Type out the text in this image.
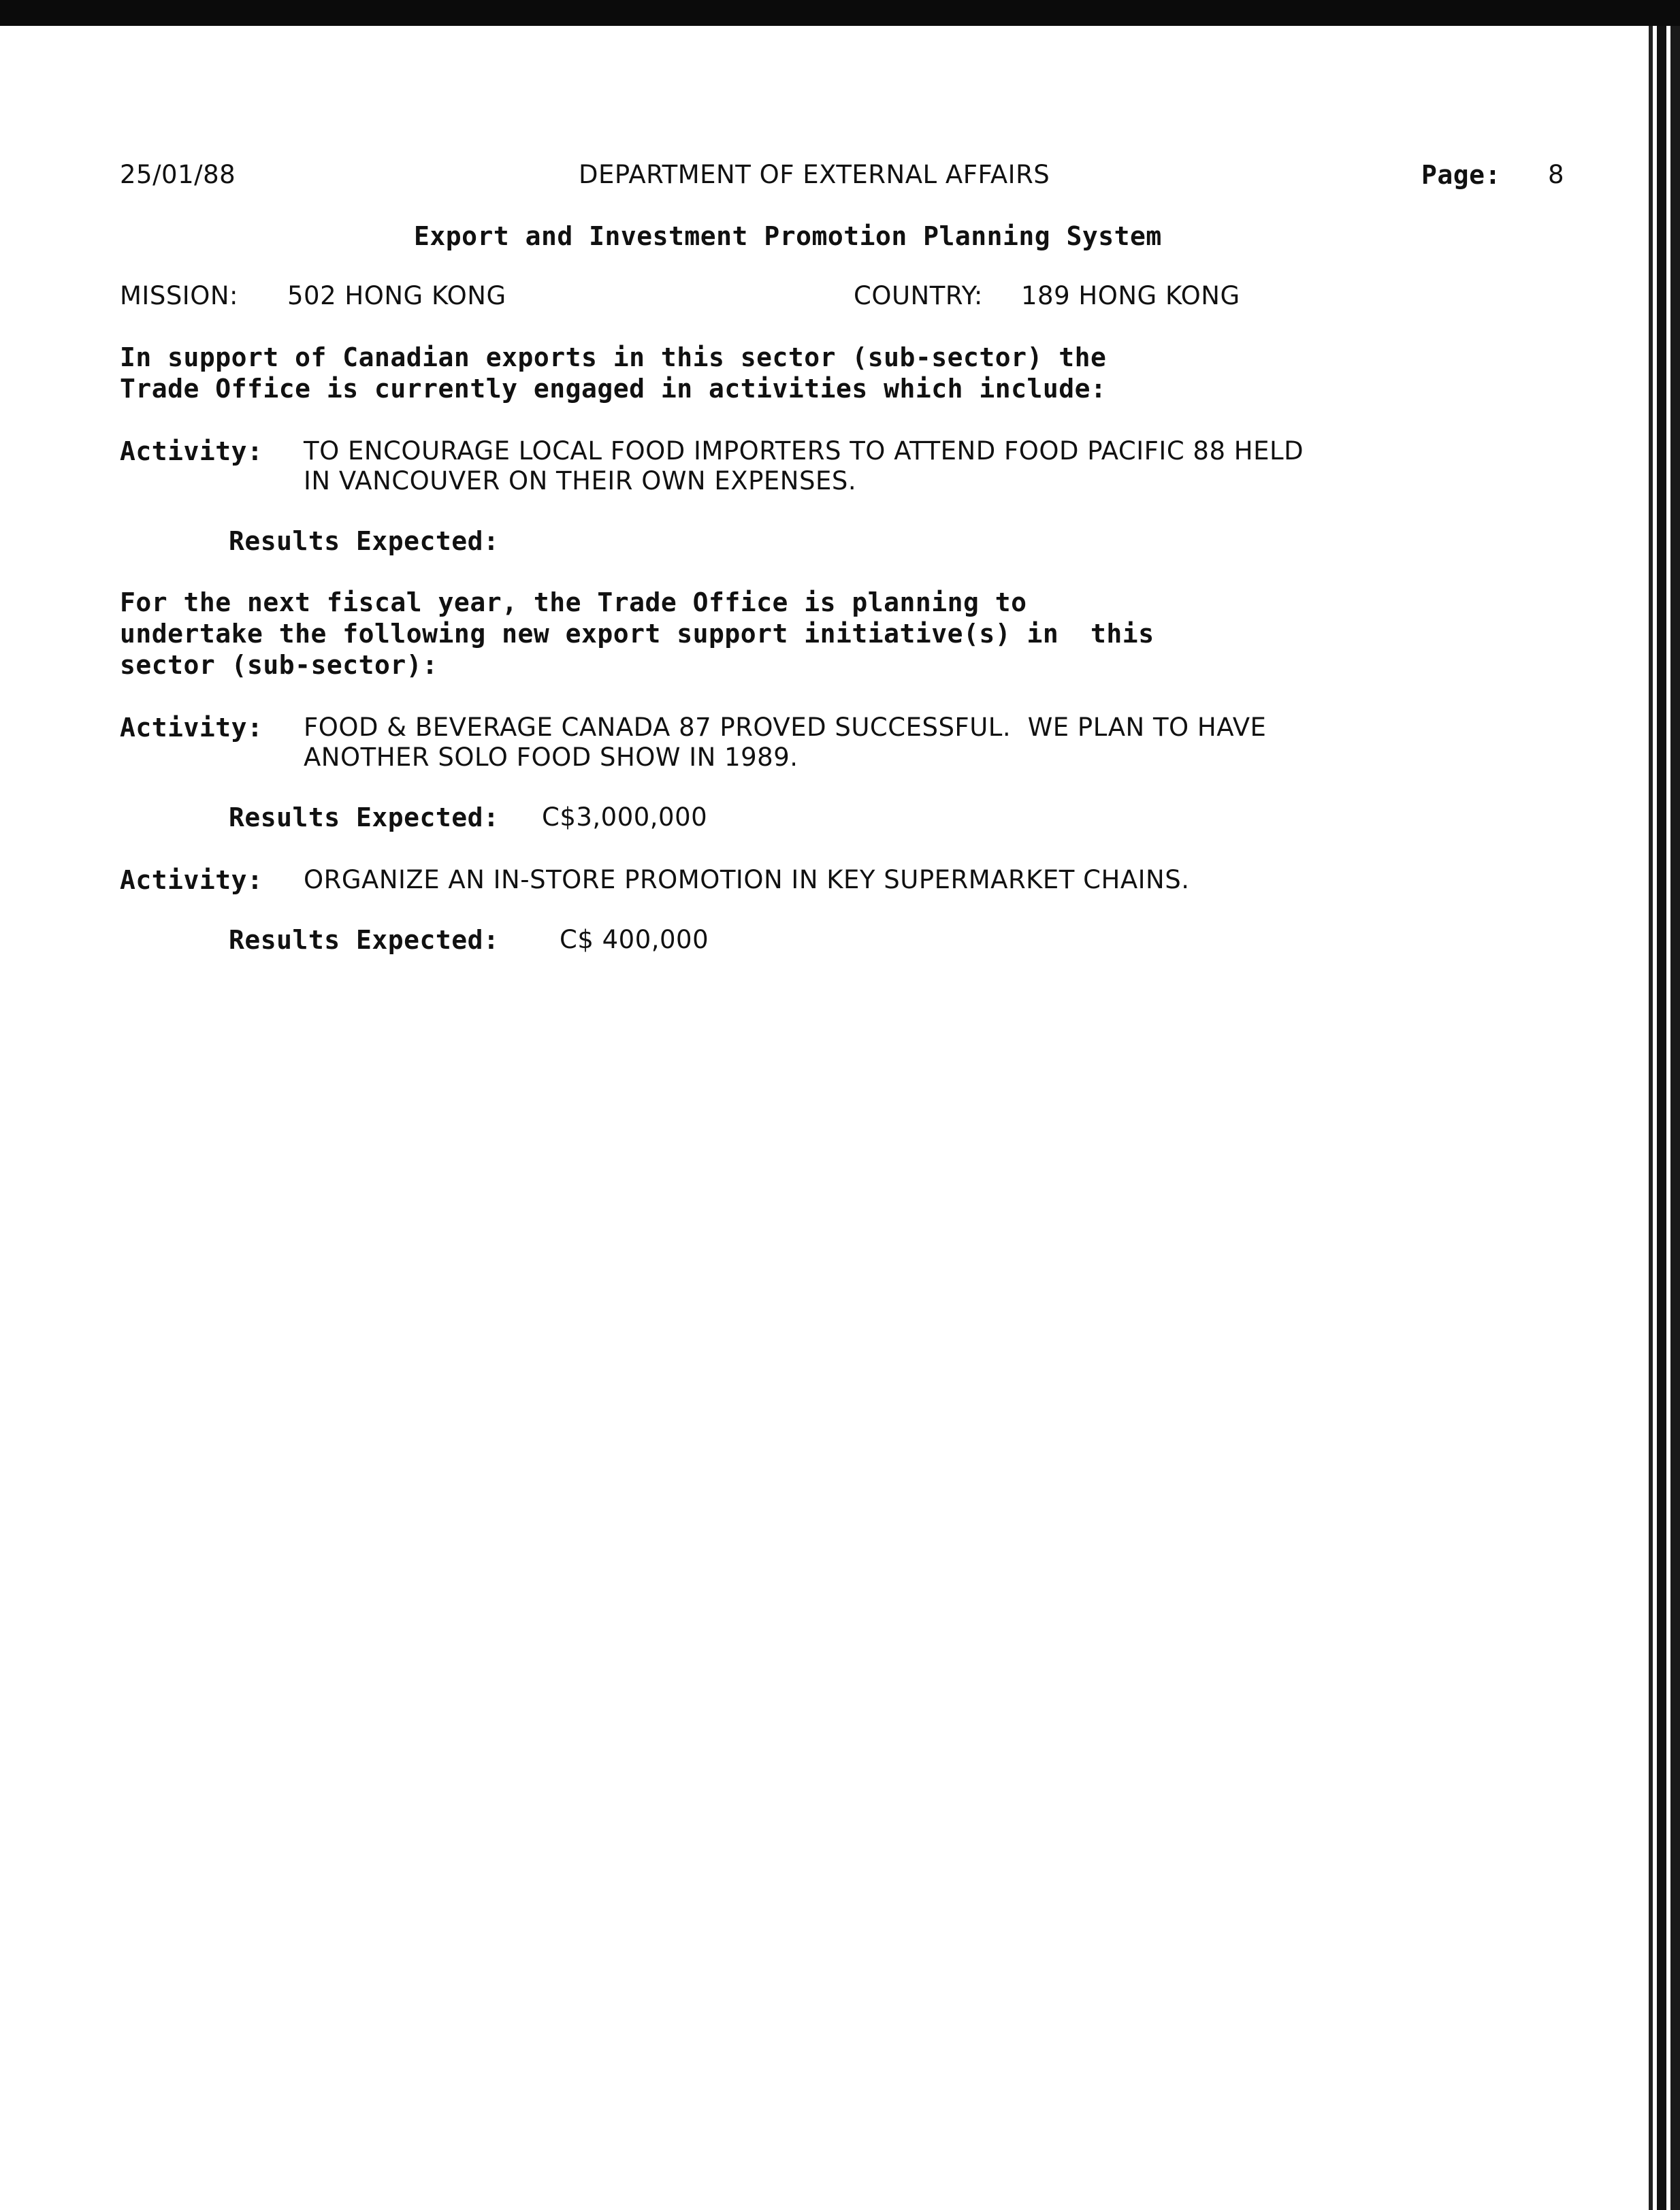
25/01/88	DEPARTMENT OF EXTERNAL AFFAIRS	Page: 8
Export and Investment Promotion Planning System
MISSION: 502 HONG KONG	COUNTRY: 189 HONG KONG
In support of Canadian exports in this sector (sub-sector) the
Trade Office is currently engaged in activities which include:
Activity: TO ENCOURAGE LOCAL FOOD IMPORTERS TO ATTEND FOOD PACIFIC 88 HELD
IN VANCOUVER ON THEIR OWN EXPENSES.
Results Expected:
For the next fiscal year, the Trade Office is planning to
undertake the following new export support initiative(s) in  this
sector (sub-sector):
Activity: FOOD & BEVERAGE CANADA 87 PROVED SUCCESSFUL.  WE PLAN TO HAVE
ANOTHER SOLO FOOD SHOW IN 1989.
Results Expected: C$3,000,000
Activity: ORGANIZE AN IN-STORE PROMOTION IN KEY SUPERMARKET CHAINS.
Results Expected: C$ 400,000
